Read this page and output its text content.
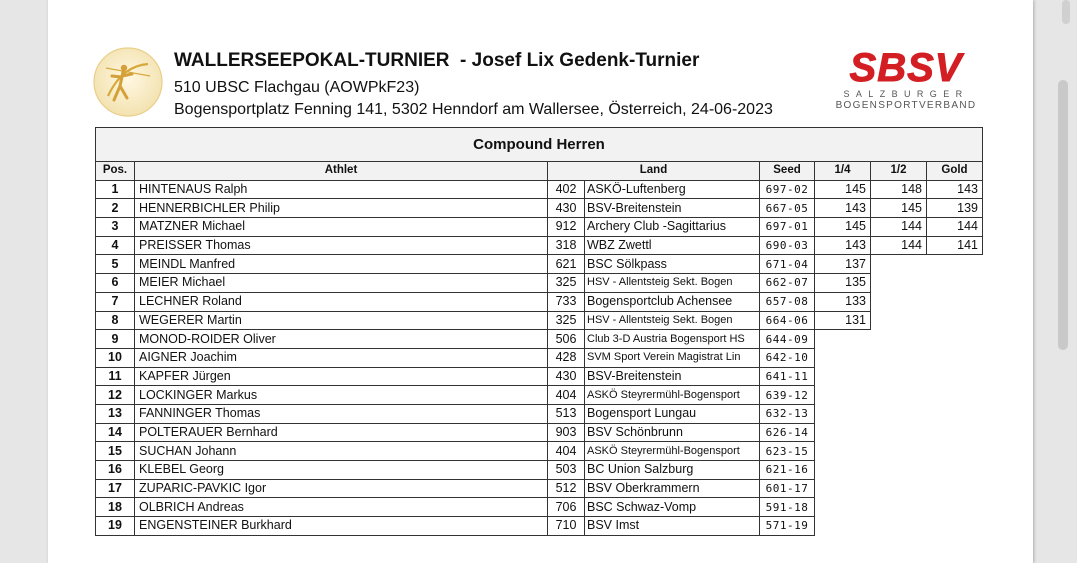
WALLERSEEPOKAL-TURNIER  - Josef Lix Gedenk-Turnier
510 UBSC Flachgau (AOWPkF23)
Bogensportplatz Fenning 141, 5302 Henndorf am Wallersee, Österreich, 24-06-2023
SBSV
SALZBURGER
BOGENSPORTVERBAND
Compound Herren							
Pos.	Athlet	Land		Seed	1/4	1/2	Gold
1	HINTENAUS Ralph	402	ASKÖ-Luftenberg	697-02	145	148	143
2	HENNERBICHLER Philip	430	BSV-Breitenstein	667-05	143	145	139
3	MATZNER Michael	912	Archery Club -Sagittarius	697-01	145	144	144
4	PREISSER Thomas	318	WBZ Zwettl	690-03	143	144	141
5	MEINDL Manfred	621	BSC Sölkpass	671-04	137		
6	MEIER Michael	325	HSV - Allentsteig Sekt. Bogen	662-07	135		
7	LECHNER Roland	733	Bogensportclub Achensee	657-08	133		
8	WEGERER Martin	325	HSV - Allentsteig Sekt. Bogen	664-06	131		
9	MONOD-ROIDER Oliver	506	Club 3-D Austria Bogensport HS	644-09			
10	AIGNER Joachim	428	SVM Sport Verein Magistrat Lin	642-10			
11	KAPFER Jürgen	430	BSV-Breitenstein	641-11			
12	LOCKINGER Markus	404	ASKÖ Steyrermühl-Bogensport	639-12			
13	FANNINGER Thomas	513	Bogensport Lungau	632-13			
14	POLTERAUER Bernhard	903	BSV Schönbrunn	626-14			
15	SUCHAN Johann	404	ASKÖ Steyrermühl-Bogensport	623-15			
16	KLEBEL Georg	503	BC Union Salzburg	621-16			
17	ZUPARIC-PAVKIC Igor	512	BSV Oberkrammern	601-17			
18	OLBRICH Andreas	706	BSC Schwaz-Vomp	591-18			
19	ENGENSTEINER Burkhard	710	BSV Imst	571-19			
